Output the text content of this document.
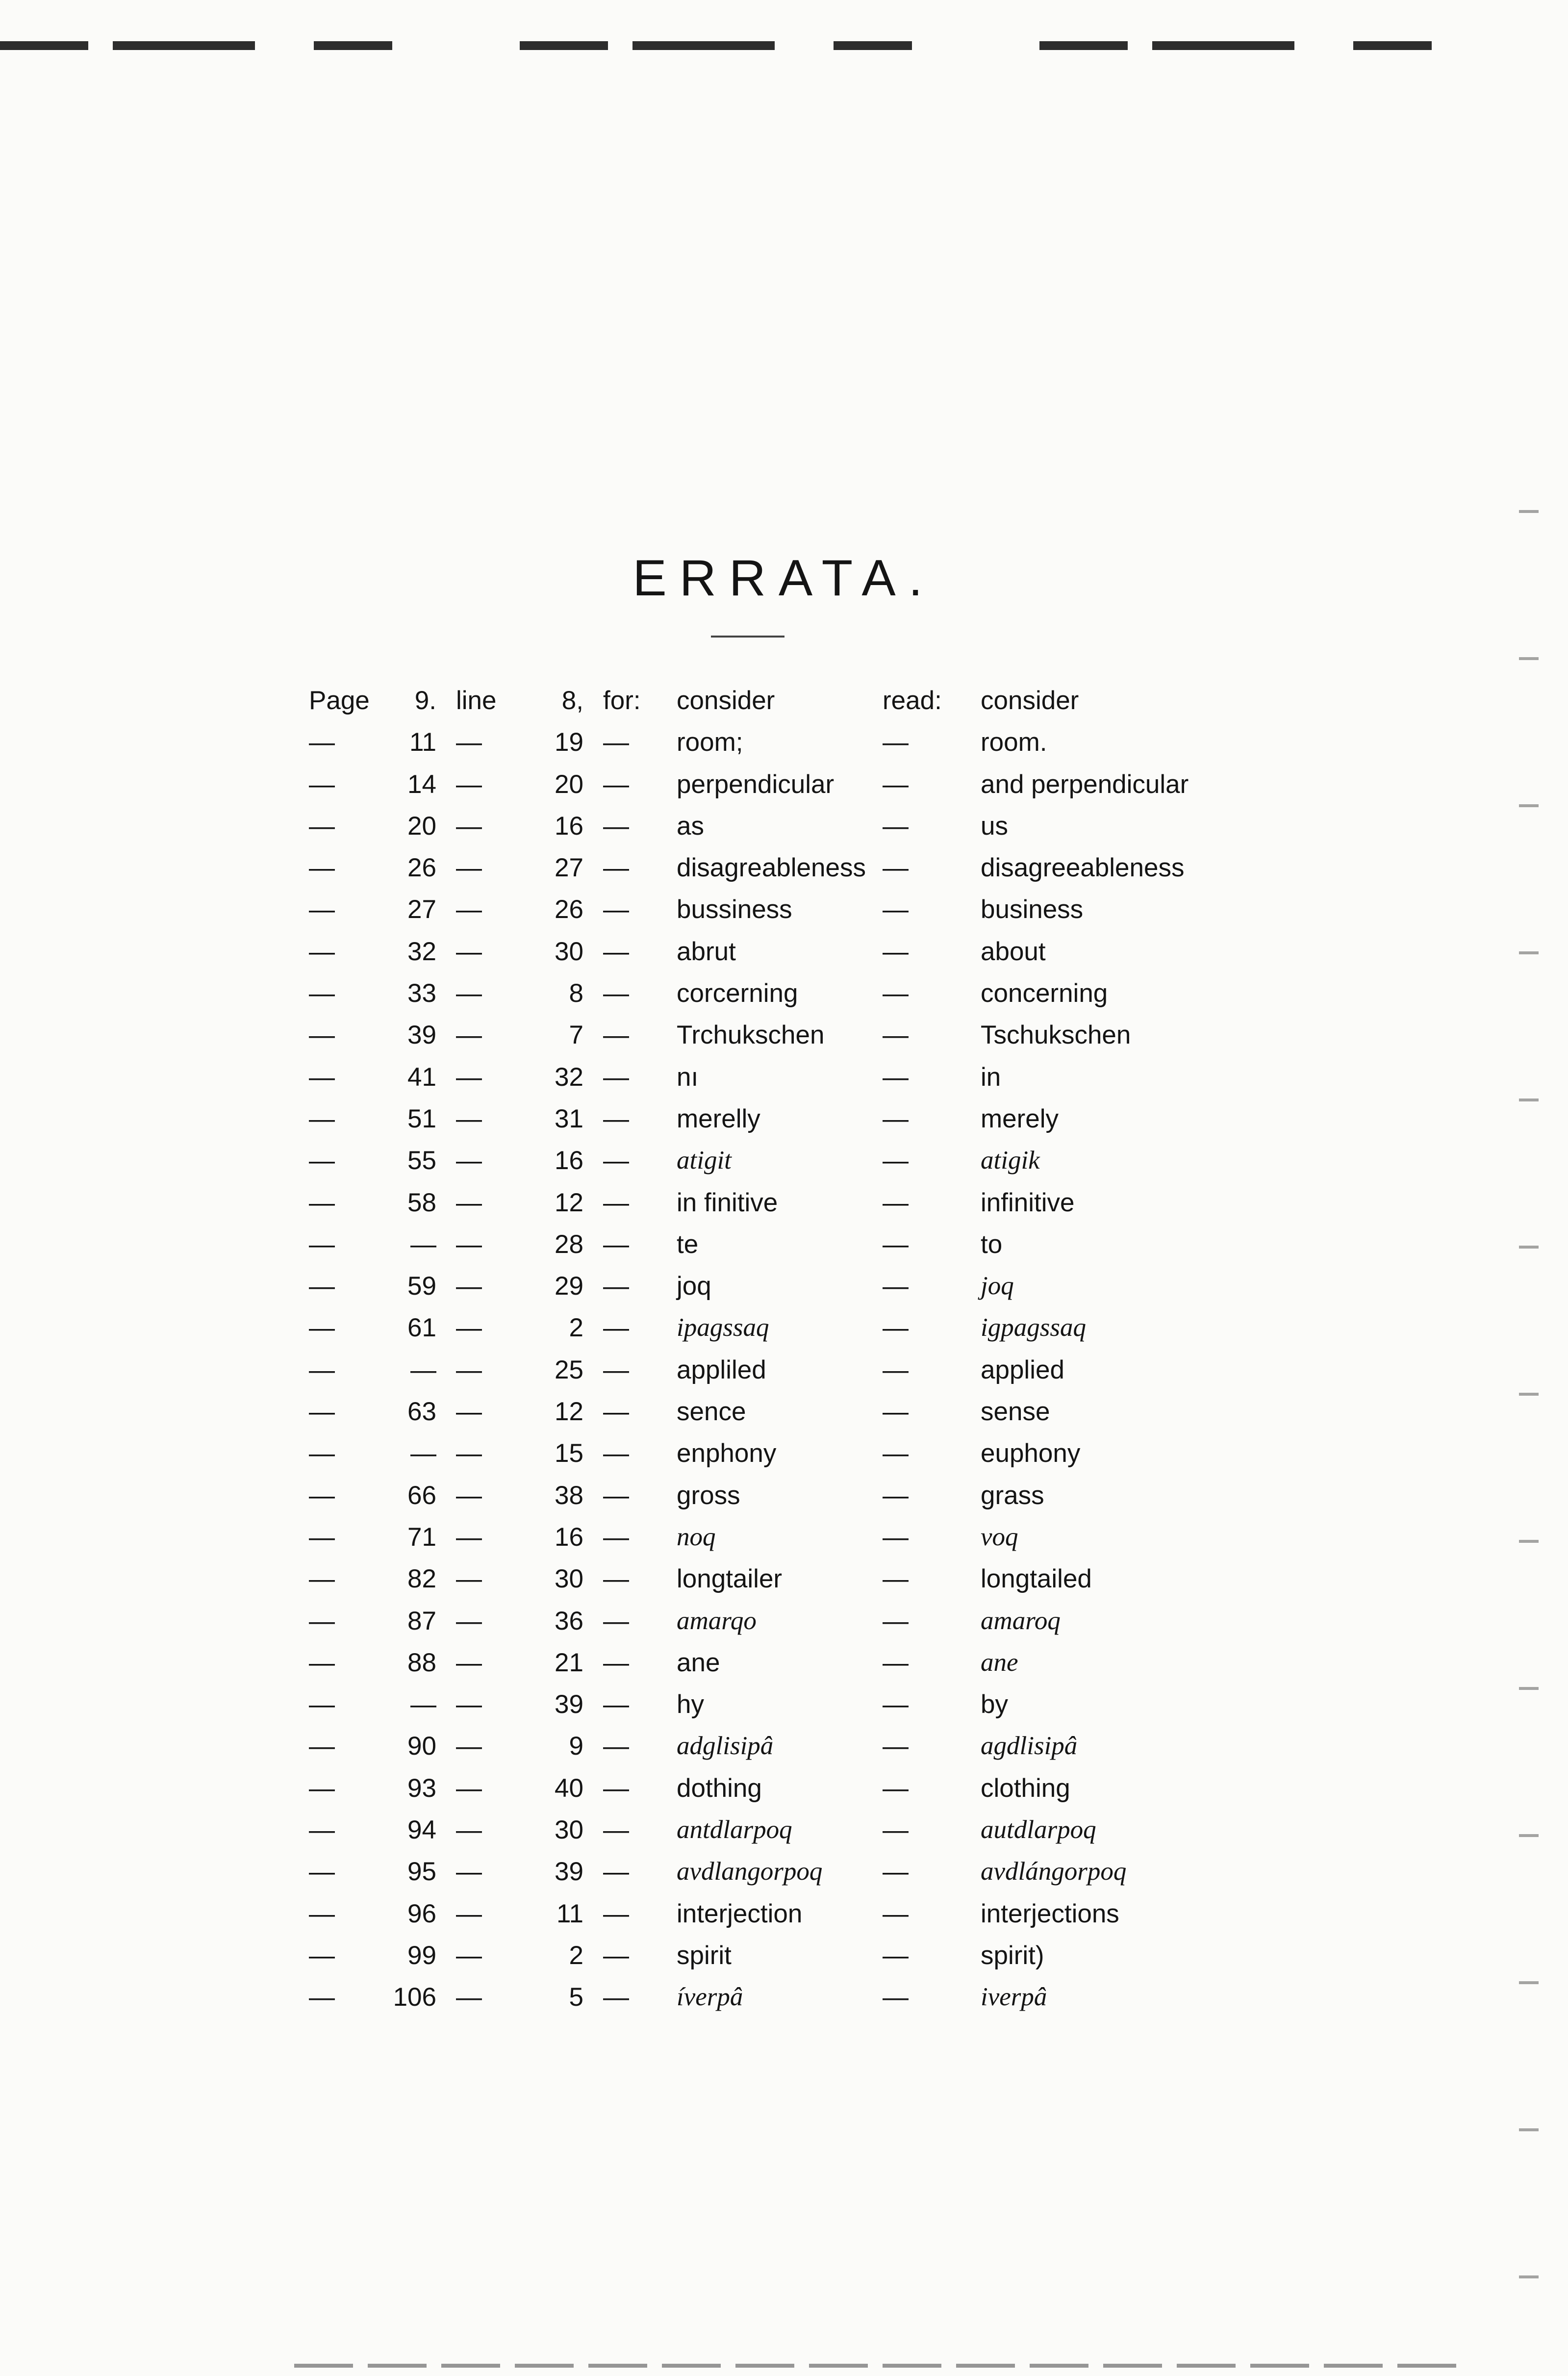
ERRATA.
Page	9. line	8, for:	consider	read:	consider
—	11 —	19 —	room;	—	room.
—	14 —	20 —	perpendicular	—	and perpendicular
—	20 —	16 —	as	—	us
—	26 —	27 —	disagreableness —	disagreeableness
—	27 —	26 —	bussiness	—	business
—	32 —	30 —	abrut	—	about
—	33 —	8 —	corcerning	—	concerning
—	39 —	7 —	Trchukschen	—	Tschukschen
—	41 —	32 —	nı	—	in
—	51 —	31 —	merelly	—	merely
—	55 —	16 —	atigit	—	atigik
—	58 —	12 —	in finitive	—	infinitive
—	— —	28 —	te	—	to
—	59 —	29 —	joq	—	joq
—	61 —	2 —	ipagssaq	—	igpagssaq
—	— —	25 —	appliled	—	applied
—	63 —	12 —	sence	—	sense
—	— —	15 —	enphony	—	euphony
—	66 —	38 —	gross	—	grass
—	71 —	16 —	noq	—	voq
—	82 —	30 —	longtailer	—	longtailed
—	87 —	36 —	amarqo	—	amaroq
—	88 —	21 —	ane	—	ane
—	— —	39 —	hy	—	by
—	90 —	9 —	adglisipâ	—	agdlisipâ
—	93 —	40 —	dothing	—	clothing
—	94 —	30 —	antdlarpoq	—	autdlarpoq
—	95 —	39 —	avdlangorpoq	—	avdlángorpoq
—	96 —	11 —	interjection	—	interjections
—	99 —	2 —	spirit	—	spirit)
—	106 —	5 —	íverpâ	—	iverpâ
